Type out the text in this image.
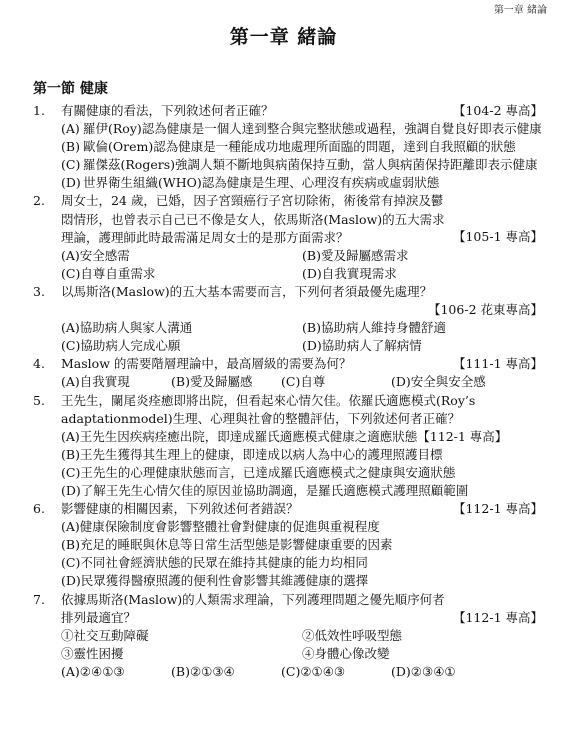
第一章 緒論
第一章 緒論
第一節 健康
1.	【104-2 專高】
有關健康的看法，下列敘述何者正確？
(A) 羅伊(Roy)認為健康是一個人達到整合與完整狀態或過程，強調自覺良好即表示健康
(B) 歐倫(Orem)認為健康是一種能成功地處理所面臨的問題，達到自我照顧的狀態
(C) 羅傑茲(Rogers)強調人類不斷地與病菌保持互動，當人與病菌保持距離即表示健康
(D) 世界衛生組織(WHO)認為健康是生理、心理沒有疾病或虛弱狀態
2.
【105-1 專高】
周女士，24 歲，已婚，因子宮頸癌行子宮切除術，術後常有掉淚及鬱悶情形，也曾表示自己已不像是女人，依馬斯洛(Maslow)的五大需求理論，護理師此時最需滿足周女士的是那方面需求？
(A)安全感需	(B)愛及歸屬感需求
(C)自尊自重需求	(D)自我實現需求
3. 以馬斯洛(Maslow)的五大基本需要而言，下列何者須最優先處理？
【106-2 花東專高】
(A)協助病人與家人溝通	(B)協助病人維持身體舒適
(C)協助病人完成心願	(D)協助病人了解病情
4.	【111-1 專高】
Maslow 的需要階層理論中，最高層級的需要為何？
(A)自我實現	(B)愛及歸屬感	(C)自尊	(D)安全與安全感
5. 王先生，闌尾炎痊癒即將出院，但看起來心情欠佳。依羅氏適應模式(Roy’s adaptationmodel)生理、心理與社會的整體評估，下列敘述何者正確？
(A)王先生因疾病痊癒出院，即達成羅氏適應模式健康之適應狀態【112-1 專高】
(B)王先生獲得其生理上的健康，即達成以病人為中心的護理照護目標
(C)王先生的心理健康狀態而言，已達成羅氏適應模式之健康與安適狀態
(D)了解王先生心情欠佳的原因並協助調適，是羅氏適應模式護理照顧範圍
6.	【112-1 專高】
影響健康的相關因素，下列敘述何者錯誤？
(A)健康保險制度會影響整體社會對健康的促進與重視程度
(B)充足的睡眠與休息等日常生活型態是影響健康重要的因素
(C)不同社會經濟狀態的民眾在維持其健康的能力均相同
(D)民眾獲得醫療照護的便利性會影響其維護健康的選擇
7.
【112-1 專高】
依據馬斯洛(Maslow)的人類需求理論，下列護理問題之優先順序何者排列最適宜？
①社交互動障礙	②低效性呼吸型態
③靈性困擾	④身體心像改變
(A)②④①③	(B)②①③④	(C)②①④③	(D)②③④①
